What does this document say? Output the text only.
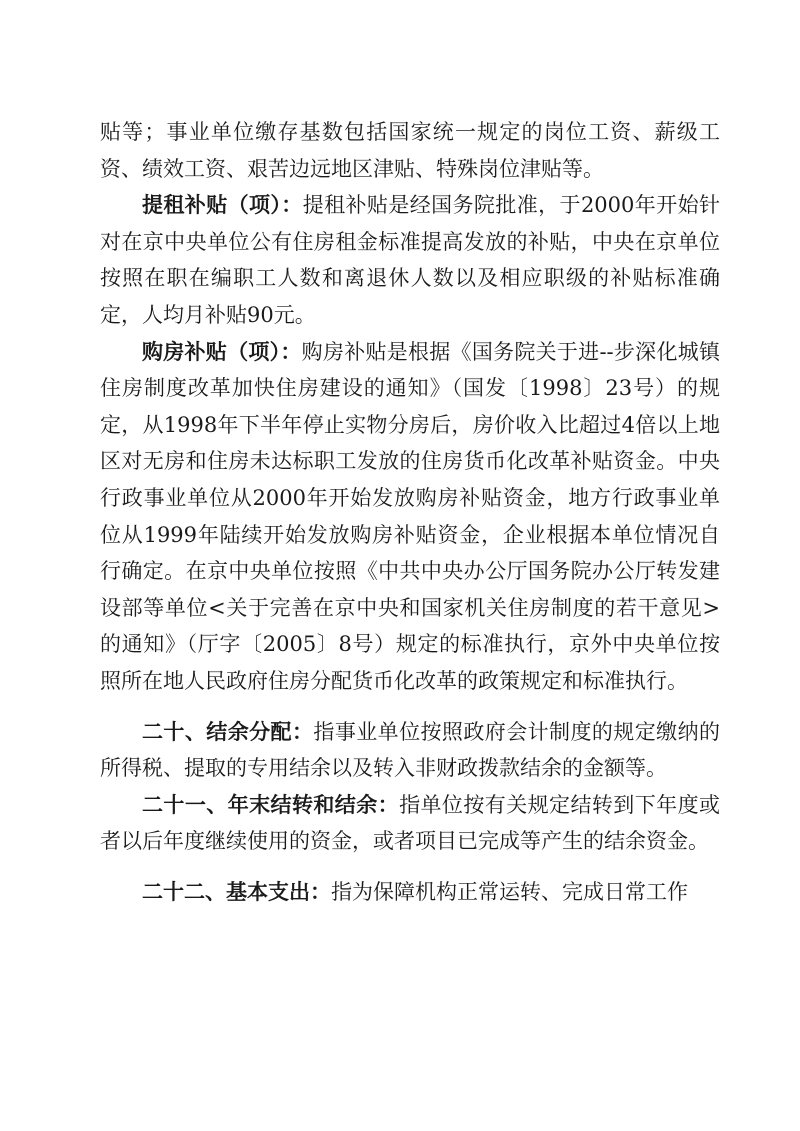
贴等；事业单位缴存基数包括国家统一规定的岗位工资、薪级工资、绩效工资、艰苦边远地区津贴、特殊岗位津贴等。

提租补贴（项）：提租补贴是经国务院批准，于2000年开始针对在京中央单位公有住房租金标准提高发放的补贴，中央在京单位按照在职在编职工人数和离退休人数以及相应职级的补贴标准确定，人均月补贴90元。

购房补贴（项）：购房补贴是根据《国务院关于进--步深化城镇住房制度改革加快住房建设的通知》（国发〔1998〕23号）的规定，从1998年下半年停止实物分房后，房价收入比超过4倍以上地区对无房和住房未达标职工发放的住房货币化改革补贴资金。中央行政事业单位从2000年开始发放购房补贴资金，地方行政事业单位从1999年陆续开始发放购房补贴资金，企业根据本单位情况自行确定。在京中央单位按照《中共中央办公厅国务院办公厅转发建设部等单位<关于完善在京中央和国家机关住房制度的若干意见>的通知》（厅字〔2005〕8号）规定的标准执行，京外中央单位按照所在地人民政府住房分配货币化改革的政策规定和标准执行。

二十、结余分配：指事业单位按照政府会计制度的规定缴纳的所得税、提取的专用结余以及转入非财政拨款结余的金额等。

二十一、年末结转和结余：指单位按有关规定结转到下年度或者以后年度继续使用的资金，或者项目已完成等产生的结余资金。

二十二、基本支出：指为保障机构正常运转、完成日常工作
